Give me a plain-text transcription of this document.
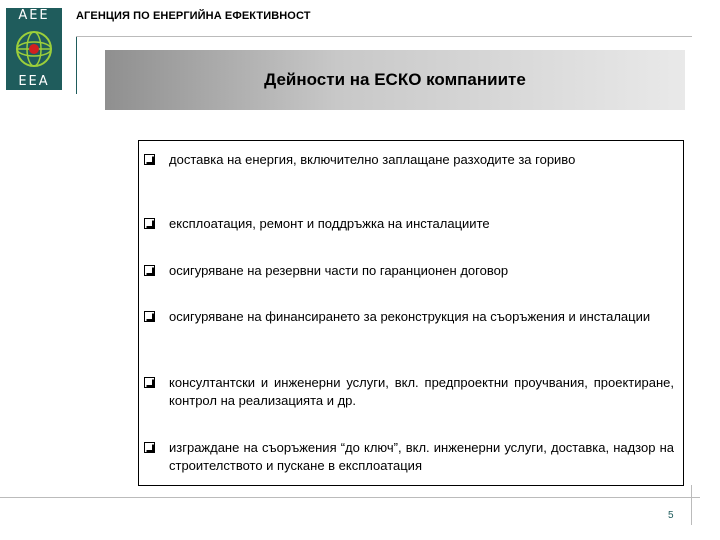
AEE
EEA
АГЕНЦИЯ ПО ЕНЕРГИЙНА ЕФЕКТИВНОСТ
Дейности на ЕСКО компаниите
доставка на енергия, включително заплащане разходите за гориво
експлоатация, ремонт и поддръжка на инсталациите
осигуряване на резервни части по гаранционен договор
осигуряване на финансирането за реконструкция на съоръжения и инсталации
консултантски и инженерни услуги, вкл. предпроектни проучвания, проектиране, контрол на реализацията и др.
изграждане на съоръжения “до ключ”, вкл. инженерни услуги, доставка, надзор на строителството и пускане в експлоатация
5
